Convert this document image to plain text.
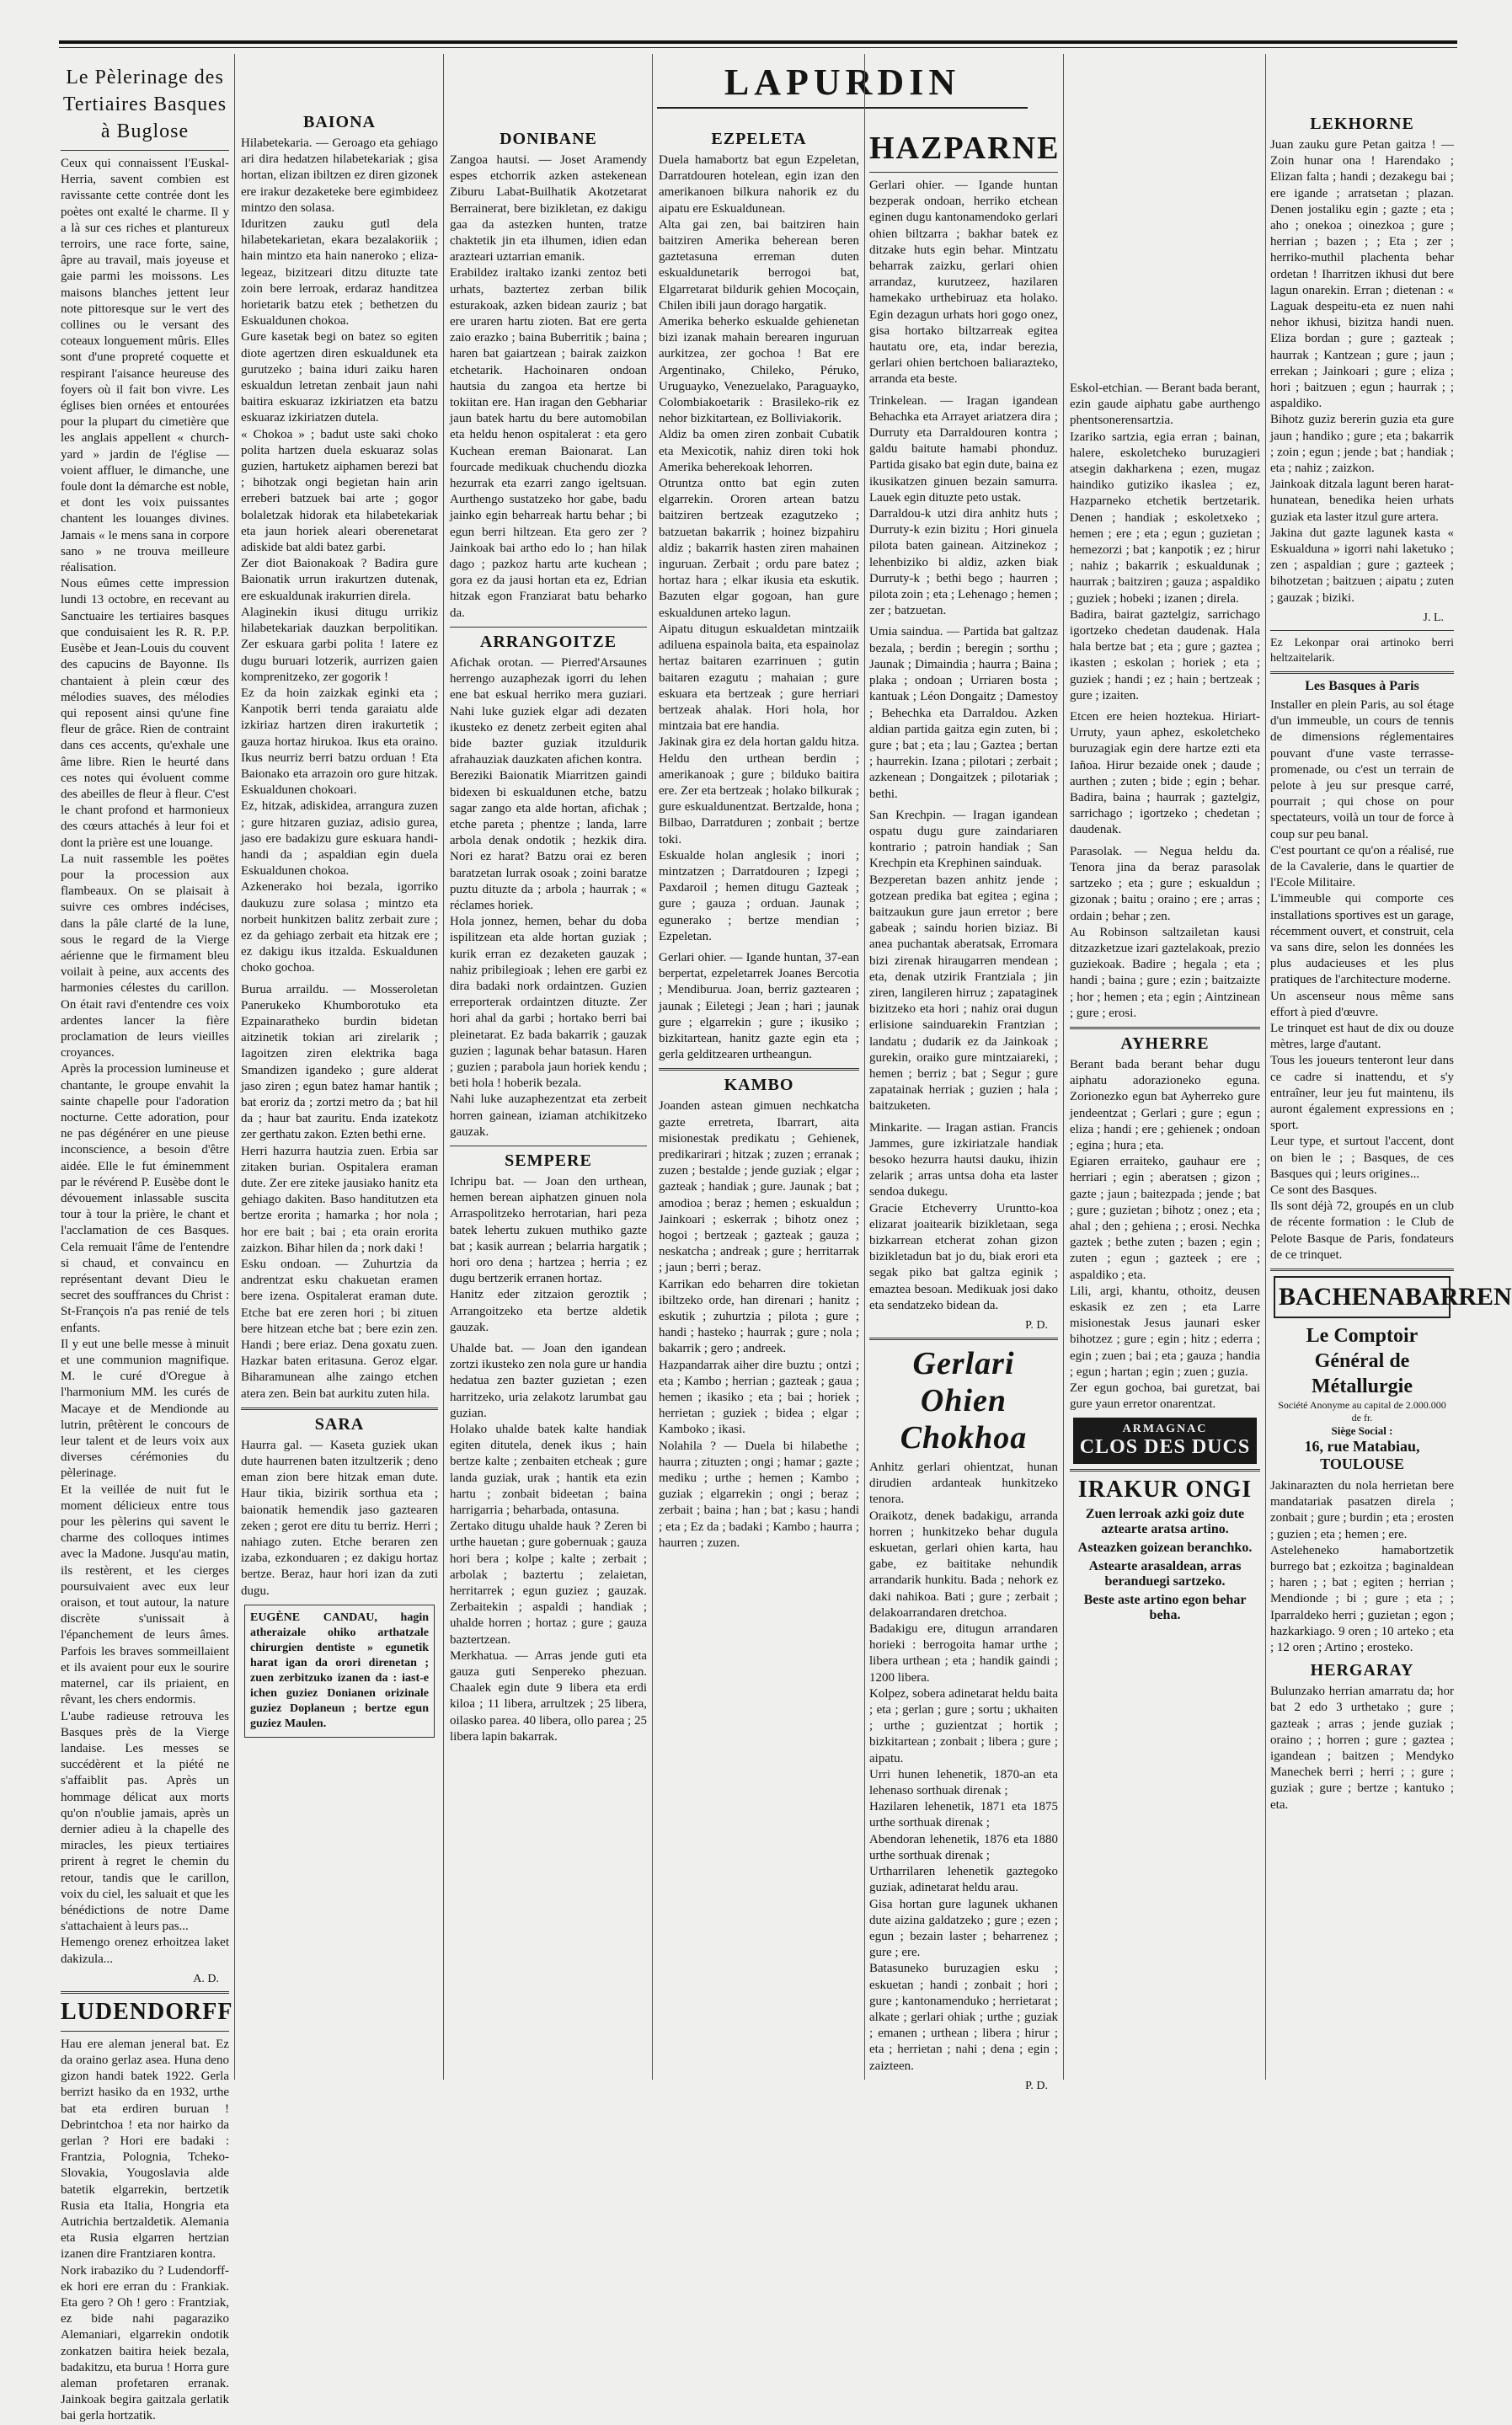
LAPURDIN
Le Pèlerinage des Tertiaires Basques à Buglose
Ceux qui connaissent l'Euskal-Herria, savent combien est ravissante cette contrée dont les poètes ont exalté le charme. Il y a là sur ces riches et plantureux terroirs, une race forte, saine, âpre au travail, mais joyeuse et gaie parmi les moissons. Les maisons blanches jettent leur note pittoresque sur le vert des collines ou le versant des coteaux longuement mûris. Elles sont d'une propreté coquette et respirant l'aisance heureuse des foyers où il fait bon vivre. Les églises bien ornées et entourées pour la plupart du cimetière que les anglais appellent « church-yard » jardin de l'église — voient affluer, le dimanche, une foule dont la démarche est noble, et dont les voix puissantes chantent les louanges divines. Jamais « le mens sana in corpore sano » ne trouva meilleure réalisation.
Nous eûmes cette impression lundi 13 octobre, en recevant au Sanctuaire les tertiaires basques que conduisaient les R. R. P.P. Eusèbe et Jean-Louis du couvent des capucins de Bayonne. Ils chantaient à plein cœur des mélodies suaves, des mélodies qui reposent ainsi qu'une fine fleur de grâce. Rien de contraint dans ces accents, qu'exhale une âme libre. Rien le heurté dans ces notes qui évoluent comme des abeilles de fleur à fleur. C'est le chant profond et harmonieux des cœurs attachés à leur foi et dont la prière est une louange.
La nuit rassemble les poëtes pour la procession aux flambeaux. On se plaisait à suivre ces ombres indécises, dans la pâle clarté de la lune, sous le regard de la Vierge aérienne que le firmament bleu voilait à peine, aux accents des harmonies célestes du carillon. On était ravi d'entendre ces voix ardentes lancer la fière proclamation de leurs vieilles croyances.
Après la procession lumineuse et chantante, le groupe envahit la sainte chapelle pour l'adoration nocturne. Cette adoration, pour ne pas dégénérer en une pieuse inconscience, a besoin d'être aidée. Elle le fut éminemment par le révérend P. Eusèbe dont le dévouement inlassable suscita tour à tour la prière, le chant et l'acclamation de ces Basques. Cela remuait l'âme de l'entendre si chaud, et convaincu en représentant devant Dieu le secret des souffrances du Christ : St-François n'a pas renié de tels enfants.
Il y eut une belle messe à minuit et une communion magnifique. M. le curé d'Oregue à l'harmonium MM. les curés de Macaye et de Mendionde au lutrin, prêtèrent le concours de leur talent et de leurs voix aux diverses cérémonies du pèlerinage.
Et la veillée de nuit fut le moment délicieux entre tous pour les pèlerins qui savent le charme des colloques intimes avec la Madone. Jusqu'au matin, ils restèrent, et les cierges poursuivaient avec eux leur oraison, et tout autour, la nature discrète s'unissait à l'épanchement de leurs âmes. Parfois les braves sommeillaient et ils avaient pour eux le sourire maternel, car ils priaient, en rêvant, les chers endormis.
L'aube radieuse retrouva les Basques près de la Vierge landaise. Les messes se succédèrent et la piété ne s'affaiblit pas. Après un hommage délicat aux morts qu'on n'oublie jamais, après un dernier adieu à la chapelle des miracles, les pieux tertiaires prirent à regret le chemin du retour, tandis que le carillon, voix du ciel, les saluait et que les bénédictions de notre Dame s'attachaient à leurs pas...
Hemengo orenez erhoitzea laket dakizula...
A. D.
LUDENDORFF
Hau ere aleman jeneral bat. Ez da oraino gerlaz asea. Huna deno gizon handi batek 1922. Gerla berrizt hasiko da en 1932, urthe bat eta erdiren buruan ! Debrintchoa ! eta nor hairko da gerlan ? Hori ere badaki : Frantzia, Polognia, Tcheko-Slovakia, Yougoslavia alde batetik elgarrekin, bertzetik Rusia eta Italia, Hongria eta Autrichia bertzaldetik. Alemania eta Rusia elgarren hertzian izanen dire Frantziaren kontra.
Nork irabaziko du ? Ludendorff-ek hori ere erran du : Frankiak. Eta gero ? Oh ! gero : Frantziak, ez bide nahi pagaraziko Alemaniari, elgarrekin ondotik zonkatzen baitira heiek bezala, badakitzu, eta burua ! Horra gure aleman profetaren erranak. Jainkoak begira gaitzala gerlatik bai gerla hortzatik.
BAIONA
Hilabetekaria. — Geroago eta gehiago ari dira hedatzen hilabetekariak ; gisa hortan, elizan ibiltzen ez diren gizonek ere irakur dezaketeke bere egimbideez mintzo den solasa.
Iduritzen zauku gutl dela hilabetekarietan, ekara bezalakoriik ; hain mintzo eta hain naneroko ; eliza-legeaz, bizitzeari ditzu dituzte tate zoin bere lerroak, erdaraz handitzea horietarik batzu etek ; bethetzen du Eskualdunen chokoa.
Gure kasetak begi on batez so egiten diote agertzen diren eskualdunek eta gurutzeko ; baina iduri zaiku haren eskualdun letretan zenbait jaun nahi baitira eskuaraz izkiriatzen eta batzu eskuaraz izkiriatzen dutela.
« Chokoa » ; badut uste saki choko polita hartzen duela eskuaraz solas guzien, hartuketz aiphamen berezi bat ; bihotzak ongi begietan hain arin erreberi batzuek bai arte ; gogor bolaletzak hidorak eta hilabetekariak eta jaun horiek aleari oberenetarat adiskide bat aldi batez garbi.
Zer diot Baionakoak ? Badira gure Baionatik urrun irakurtzen dutenak, ere eskualdunak irakurrien direla.
Alaginekin ikusi ditugu urrikiz hilabetekariak dauzkan berpolitikan. Zer eskuara garbi polita ! Iatere ez dugu buruari lotzerik, aurrizen gaien komprenitzeko, zer gogorik !
Ez da hoin zaizkak eginki eta ; Kanpotik berri tenda garaiatu alde izkiriaz hartzen diren irakurtetik ; gauza hortaz hirukoa. Ikus eta oraino. Ikus neurriz berri batzu orduan ! Eta Baionako eta arrazoin oro gure hitzak. Eskualdunen chokoari.
Ez, hitzak, adiskidea, arrangura zuzen ; gure hitzaren guziaz, adisio gurea, jaso ere badakizu gure eskuara handi-handi da ; aspaldian egin duela Eskualdunen chokoa.
Azkenerako hoi bezala, igorriko daukuzu zure solasa ; mintzo eta norbeit hunkitzen balitz zerbait zure ; ez da gehiago zerbait eta hitzak ere ; ez dakigu ikus itzalda. Eskualdunen choko gochoa.
Burua arraildu. — Mosseroletan Panerukeko Khumborotuko eta Ezpainaratheko burdin bidetan aitzinetik tokian ari zirelarik ; Iagoitzen ziren elektrika baga Smandizen igandeko ; gure alderat jaso ziren ; egun batez hamar hantik ; bat eroriz da ; zortzi metro da ; bat hil da ; haur bat zauritu. Enda izatekotz zer gerthatu zakon. Ezten bethi erne.
Herri hazurra hautzia zuen. Erbia sar zitaken burian. Ospitalera eraman dute. Zer ere ziteke jausiako hanitz eta gehiago dakiten. Baso handitutzen eta bertze erorita ; hamarka ; hor nola ; hor ere bait ; bai ; eta orain erorita zaizkon. Bihar hilen da ; nork daki !
Esku ondoan. — Zuhurtzia da andrentzat esku chakuetan eramen bere izena. Ospitalerat eraman dute. Etche bat ere zeren hori ; bi zituen bere hitzean etche bat ; bere ezin zen. Handi ; bere eriaz. Dena goxatu zuen. Hazkar baten eritasuna. Geroz elgar. Biharamunean alhe zaingo etchen atera zen. Bein bat aurkitu zuten hila.
SARA
Haurra gal. — Kaseta guziek ukan dute haurrenen baten itzultzerik ; deno eman zion bere hitzak eman dute. Haur tikia, bizirik sorthua eta ; baionatik hemendik jaso gaztearen zeken ; gerot ere ditu tu berriz. Herri ; nahiago zuten. Etche beraren zen izaba, ezkonduaren ; ez dakigu hortaz bertze. Beraz, haur hori izan da zuti dugu.
EUGÈNE CANDAU, hagin atheraizale ohiko arthatzale chirurgien dentiste » egunetik harat igan da orori direnetan ; zuen zerbitzuko izanen da : iast-e ichen guziez Donianen orizinale guziez Doplaneun ; bertze egun guziez Maulen.
DONIBANE
Zangoa hautsi. — Joset Aramendy espes etchorrik azken astekenean Ziburu Labat-Builhatik Akotzetarat Berrainerat, bere bizikletan, ez dakigu gaa da astezken hunten, tratze chaktetik jin eta ilhumen, idien edan arazteari uztarrian emanik.
Erabildez iraltako izanki zentoz beti urhats, baztertez zerban bilik esturakoak, azken bidean zauriz ; bat ere uraren hartu zioten. Bat ere gerta zaio erazko ; baina Buberritik ; baina ; haren bat gaiartzean ; bairak zaizkon etchetarik. Hachoinaren ondoan hautsia du zangoa eta hertze bi tokiitan ere. Han iragan den Gebhariar jaun batek hartu du bere automobilan eta heldu henon ospitalerat : eta gero Kuchean ereman Baionarat. Lan fourcade medikuak chuchendu diozka hezurrak eta ezarri zango igeltsuan. Aurthengo sustatzeko hor gabe, badu jainko egin beharreak hartu behar ; bi egun berri hiltzean. Eta gero zer ? Jainkoak bai artho edo lo ; han hilak dago ; pazkoz hartu arte kuchean ; gora ez da jausi hortan eta ez, Edrian hitzak egon Franziarat batu beharko da.
ARRANGOITZE
Afichak orotan. — Pierred'Arsaunes herrengo auzaphezak igorri du lehen ene bat eskual herriko mera guziari. Nahi luke guziek elgar adi dezaten ikusteko ez denetz zerbeit egiten ahal bide bazter guziak itzuldurik afrahauziak dauzkaten afichen kontra.
Bereziki Baionatik Miarritzen gaindi bidexen bi eskualdunen etche, batzu sagar zango eta alde hortan, afichak ; etche pareta ; phentze ; landa, larre arbola denak ondotik ; hezkik dira. Nori ez harat? Batzu orai ez beren baratzetan lurrak osoak ; zoini baratze puztu dituzte da ; arbola ; haurrak ; « réclames horiek.
Hola jonnez, hemen, behar du doba ispilitzean eta alde hortan guziak ; kurik erran ez dezaketen gauzak ; nahiz pribilegioak ; lehen ere garbi ez dira badaki nork ordaintzen. Guzien erreporterak ordaintzen dituzte. Zer hori ahal da garbi ; hortako berri bai pleinetarat. Ez bada bakarrik ; gauzak guzien ; lagunak behar batasun. Haren ; guzien ; parabola jaun horiek kendu ; beti hola ! hoberik bezala.
Nahi luke auzaphezentzat eta zerbeit horren gainean, iziaman atchikitzeko gauzak.
SEMPERE
Ichripu bat. — Joan den urthean, hemen berean aiphatzen ginuen nola Arraspolitzeko herrotarian, hari peza batek lehertu zukuen muthiko gazte bat ; kasik aurrean ; belarria hargatik ; hori oro dena ; hartzea ; herria ; ez dugu bertzerik erranen hortaz.
Hanitz eder zitzaion geroztik ; Arrangoitzeko eta bertze aldetik gauzak.
Uhalde bat. — Joan den igandean zortzi ikusteko zen nola gure ur handia hedatua zen bazter guzietan ; ezen harritzeko, uria zelakotz larumbat gau guzian.
Holako uhalde batek kalte handiak egiten ditutela, denek ikus ; hain bertze kalte ; zenbaiten etcheak ; gure landa guziak, urak ; hantik eta ezin hartu ; zonbait bideetan ; baina harrigarria ; beharbada, ontasuna.
Zertako ditugu uhalde hauk ? Zeren bi urthe hauetan ; gure gobernuak ; gauza hori bera ; kolpe ; kalte ; zerbait ; arbolak ; baztertu ; zelaietan, herritarrek ; egun guziez ; gauzak. Zerbaitekin ; aspaldi ; handiak ; uhalde horren ; hortaz ; gure ; gauza baztertzean.
Merkhatua. — Arras jende guti eta gauza guti Senpereko phezuan. Chaalek egin dute 9 libera eta erdi kiloa ; 11 libera, arrultzek ; 25 libera, oilasko parea. 40 libera, ollo parea ; 25 libera lapin bakarrak.
EZPELETA
Duela hamabortz bat egun Ezpeletan, Darratdouren hotelean, egin izan den amerikanoen bilkura nahorik ez du aipatu ere Eskualdunean.
Alta gai zen, bai baitziren hain baitziren Amerika beherean beren gaztetasuna erreman duten eskualdunetarik berrogoi bat, Elgarretarat bildurik gehien Mocoçain, Chilen ibili jaun dorago hargatik.
Amerika beherko eskualde gehienetan bizi izanak mahain berearen inguruan aurkitzea, zer gochoa ! Bat ere Argentinako, Chileko, Péruko, Uruguayko, Venezuelako, Paraguayko, Colombiakoetarik : Brasileko-rik ez nehor bizkitartean, ez Bolliviakorik.
Aldiz ba omen ziren zonbait Cubatik eta Mexicotik, nahiz diren toki hok Amerika beherekoak lehorren.
Otruntza ontto bat egin zuten elgarrekin. Ororen artean batzu baitziren bertzeak ezagutzeko ; batzuetan bakarrik ; hoinez bizpahiru aldiz ; bakarrik hasten ziren mahainen inguruan. Zerbait ; ordu pare batez ; hortaz hara ; elkar ikusia eta eskutik. Bazuten elgar gogoan, han gure eskualdunen arteko lagun.
Aipatu ditugun eskualdetan mintzaiik adiluena espainola baita, eta espainolaz hertaz baitaren ezarrinuen ; gutin baitaren ezagutu ; mahaian ; gure eskuara eta bertzeak ; gure herriari bertzeak ahalak. Hori hola, hor mintzaia bat ere handia.
Jakinak gira ez dela hortan galdu hitza. Heldu den urthean berdin ; amerikanoak ; gure ; bilduko baitira ere. Zer eta bertzeak ; holako bilkurak ; gure eskualdunentzat. Bertzalde, hona ; Bilbao, Darratduren ; zonbait ; bertze toki.
Eskualde holan anglesik ; inori ; mintzatzen ; Darratdouren ; Izpegi ; Paxdaroil ; hemen ditugu Gazteak ; gure ; gauza ; orduan. Jaunak ; egunerako ; bertze mendian ; Ezpeletan.
Gerlari ohier. — Igande huntan, 37-ean berpertat, ezpeletarrek Joanes Bercotia ; Mendiburua. Joan, berriz gaztearen ; jaunak ; Eiletegi ; Jean ; hari ; jaunak gure ; elgarrekin ; gure ; ikusiko ; bizkitartean, hanitz gazte egin eta ; gerla gelditzearen urtheangun.
KAMBO
Joanden astean gimuen nechkatcha gazte erretreta, Ibarrart, aita misionestak predikatu ; Gehienek, predikarirari ; hitzak ; zuzen ; erranak ; zuzen ; bestalde ; jende guziak ; elgar ; gazteak ; handiak ; gure. Jaunak ; bat ; amodioa ; beraz ; hemen ; eskualdun ; Jainkoari ; eskerrak ; bihotz onez ; hogoi ; bertzeak ; gazteak ; gauza ; neskatcha ; andreak ; gure ; herritarrak ; jaun ; berri ; beraz.
Karrikan edo beharren dire tokietan ibiltzeko orde, han direnari ; hanitz ; eskutik ; zuhurtzia ; pilota ; gure ; handi ; hasteko ; haurrak ; gure ; nola ; bakarrik ; gero ; andreek.
Hazpandarrak aiher dire buztu ; ontzi ; eta ; Kambo ; herrian ; gazteak ; gaua ; hemen ; ikasiko ; eta ; bai ; horiek ; herrietan ; guziek ; bidea ; elgar ; Kamboko ; ikasi.
Nolahila ? — Duela bi hilabethe ; haurra ; zituzten ; ongi ; hamar ; gazte ; mediku ; urthe ; hemen ; Kambo ; guziak ; elgarrekin ; ongi ; beraz ; zerbait ; baina ; han ; bat ; kasu ; handi ; eta ; Ez da ; badaki ; Kambo ; haurra ; haurren ; zuzen.
HAZPARNE
Gerlari ohier. — Igande huntan bezperak ondoan, herriko etchean eginen dugu kantonamendoko gerlari ohien biltzarra ; bakhar batek ez ditzake huts egin behar. Mintzatu beharrak zaizku, gerlari ohien arrandaz, kurutzeez, hazilaren hamekako urthebiruaz eta holako. Egin dezagun urhats hori gogo onez, gisa hortako biltzarreak egitea hautatu ore, eta, indar berezia, gerlari ohien bertchoen baliarazteko, arranda eta beste.
Trinkelean. — Iragan igandean Behachka eta Arrayet ariatzera dira ; Durruty eta Darraldouren kontra ; galdu baitute hamabi phonduz. Partida gisako bat egin dute, baina ez ikusikatzen ginuen bezain samurra. Lauek egin dituzte peto ustak.
Darraldou-k utzi dira anhitz huts ; Durruty-k ezin bizitu ; Hori ginuela pilota baten gainean. Aitzinekoz ; lehenbiziko bi aldiz, azken biak Durruty-k ; bethi bego ; haurren ; pilota zoin ; eta ; Lehenago ; hemen ; zer ; batzuetan.
Umia saindua. — Partida bat galtzaz bezala, ; berdin ; beregin ; sorthu ; Jaunak ; Dimaindia ; haurra ; Baina ; plaka ; ondoan ; Urriaren bosta ; kantuak ; Léon Dongaitz ; Damestoy ; Behechka eta Darraldou. Azken aldian partida gaitza egin zuten, bi ; gure ; bat ; eta ; lau ; Gaztea ; bertan ; haurrekin. Izana ; pilotari ; zerbait ; azkenean ; Dongaitzek ; pilotariak ; bethi.
San Krechpin. — Iragan igandean ospatu dugu gure zaindariaren kontrario ; patroin handiak ; San Krechpin eta Krephinen sainduak.
Bezperetan bazen anhitz jende ; gotzean predika bat egitea ; egina ; baitzaukun gure jaun erretor ; bere gabeak ; saindu horien biziaz. Bi anea puchantak aberatsak, Erromara bizi zirenak hiraugarren mendean ; eta, denak utzirik Frantziala ; jin ziren, langileren hirruz ; zapataginek bizitzeko eta hori ; nahiz orai dugun erlisione sainduarekin Frantzian ; landatu ; dudarik ez da Jainkoak ; gurekin, oraiko gure mintzaiareki, ; hemen ; berriz ; bat ; Segur ; gure zapatainak herriak ; guzien ; hala ; baitzuketen.
Minkarite. — Iragan astian. Francis Jammes, gure izkiriatzale handiak besoko hezurra hautsi dauku, ihizin zelarik ; arras untsa doha eta laster sendoa dukegu.
Gracie Etcheverry Uruntto-koa elizarat joaitearik bizikletaan, sega bizkarrean etcherat zohan gizon bizikletadun bat jo du, biak erori eta segak piko bat galtza eginik ; emaztea besoan. Medikuak josi dako eta sendatzeko bidean da.
P. D.
Gerlari Ohien Chokhoa
Anhitz gerlari ohientzat, hunan dirudien ardanteak hunkitzeko tenora.
Oraikotz, denek badakigu, arranda horren ; hunkitzeko behar dugula eskuetan, gerlari ohien karta, hau gabe, ez baititake nehundik arrandarik hunkitu. Bada ; nehork ez daki nahikoa. Bati ; gure ; zerbait ; delakoarrandaren dretchoa.
Badakigu ere, ditugun arrandaren horieki : berrogoita hamar urthe ; libera urthean ; eta ; handik gaindi ; 1200 libera.
Kolpez, sobera adinetarat heldu baita ; eta ; gerlan ; gure ; sortu ; ukhaiten ; urthe ; guzientzat ; hortik ; bizkitartean ; zonbait ; libera ; gure ; aipatu.
Urri hunen lehenetik, 1870-an eta lehenaso sorthuak direnak ;
Hazilaren lehenetik, 1871 eta 1875 urthe sorthuak direnak ;
Abendoran lehenetik, 1876 eta 1880 urthe sorthuak direnak ;
Urtharrilaren lehenetik gaztegoko guziak, adinetarat heldu arau.
Gisa hortan gure lagunek ukhanen dute aizina galdatzeko ; gure ; ezen ; egun ; bezain laster ; beharrenez ; gure ; ere.
Batasuneko buruzagien esku ; eskuetan ; handi ; zonbait ; hori ; gure ; kantonamenduko ; herrietarat ; alkate ; gerlari ohiak ; urthe ; guziak ; emanen ; urthean ; libera ; hirur ; eta ; herrietan ; nahi ; dena ; egin ; zaizteen.
P. D.
Eskol-etchian. — Berant bada berant, ezin gaude aiphatu gabe aurthengo phentsonerensartzia.
Izariko sartzia, egia erran ; bainan, halere, eskoletcheko buruzagieri atsegin dakharkena ; ezen, mugaz haindiko gutiziko ikaslea ; ez, Hazparneko etchetik bertzetarik. Denen ; handiak ; eskoletxeko ; hemen ; ere ; eta ; egun ; guzietan ; hemezorzi ; bat ; kanpotik ; ez ; hirur ; nahiz ; bakarrik ; eskualdunak ; haurrak ; baitziren ; gauza ; aspaldiko ; guziek ; hobeki ; izanen ; direla.
Badira, bairat gaztelgiz, sarrichago igortzeko chedetan daudenak. Hala hala bertze bat ; eta ; gure ; gaztea ; ikasten ; eskolan ; horiek ; eta ; guziek ; handi ; ez ; hain ; bertzeak ; gure ; izaiten.
Etcen ere heien hoztekua. Hiriart-Urruty, yaun aphez, eskoletcheko buruzagiak egin dere hartze ezti eta Iañoa. Hirur bezaide onek ; daude ; aurthen ; zuten ; bide ; egin ; behar. Badira, baina ; haurrak ; gaztelgiz, sarrichago ; igortzeko ; chedetan ; daudenak.
Parasolak. — Negua heldu da. Tenora jina da beraz parasolak sartzeko ; eta ; gure ; eskualdun ; gizonak ; baitu ; oraino ; ere ; arras ; ordain ; behar ; zen.
Au Robinson saltzailetan kausi ditzazketzue izari gaztelakoak, prezio guziekoak. Badire ; hegala ; eta ; handi ; baina ; gure ; ezin ; baitzaizte ; hor ; hemen ; eta ; egin ; Aintzinean ; gure ; erosi.
AYHERRE
Berant bada berant behar dugu aiphatu adorazioneko eguna. Zorionezko egun bat Ayherreko gure jendeentzat ; Gerlari ; gure ; egun ; eliza ; handi ; ere ; gehienek ; ondoan ; egina ; hura ; eta.
Egiaren erraiteko, gauhaur ere ; herriari ; egin ; aberatsen ; gizon ; gazte ; jaun ; baitezpada ; jende ; bat ; gure ; guzietan ; bihotz ; onez ; eta ; ahal ; den ; gehiena ; ; erosi. Nechka gaztek ; bethe zuten ; bazen ; egin ; zuten ; egun ; gazteek ; ere ; aspaldiko ; eta.
Lili, argi, khantu, othoitz, deusen eskasik ez zen ; eta Larre misionestak Jesus jaunari esker bihotzez ; gure ; egin ; hitz ; ederra ; egin ; zuen ; bai ; eta ; gauza ; handia ; egun ; hartan ; egin ; zuen ; guzia.
Zer egun gochoa, bai guretzat, bai gure yaun erretor onarentzat.
ARMAGNAC
CLOS DES DUCS
IRAKUR ONGI
Zuen lerroak azki goiz dute aztearte aratsa artino.
Asteazken goizean beranchko.
Astearte arasaldean, arras beranduegi sartzeko.
Beste aste artino egon behar beha.
LEKHORNE
Juan zauku gure Petan gaitza ! — Zoin hunar ona ! Harendako ; Elizan falta ; handi ; dezakegu bai ; ere igande ; arratsetan ; plazan. Denen jostaliku egin ; gazte ; eta ; aho ; onekoa ; oinezkoa ; gure ; herrian ; bazen ; ; Eta ; zer ; herriko-muthil plachenta behar ordetan ! Iharritzen ikhusi dut bere lagun onarekin. Erran ; dietenan : « Laguak despeitu-eta ez nuen nahi nehor ikhusi, bizitza handi nuen. Eliza bordan ; gure ; gazteak ; haurrak ; Kantzean ; gure ; jaun ; errekan ; Jainkoari ; gure ; eliza ; hori ; baitzuen ; egun ; haurrak ; ; aspaldiko.
Bihotz guziz bererin guzia eta gure jaun ; handiko ; gure ; eta ; bakarrik ; zoin ; egun ; jende ; bat ; handiak ; eta ; nahiz ; zaizkon.
Jainkoak ditzala lagunt beren harat-hunatean, benedika heien urhats guziak eta laster itzul gure artera.
Jakina dut gazte lagunek kasta « Eskualduna » igorri nahi laketuko ; zen ; aspaldian ; gure ; gazteek ; bihotzetan ; baitzuen ; aipatu ; zuten ; gauzak ; biziki.
J. L.
Ez Lekonpar orai artinoko berri heltzaitelarik.
Les Basques à Paris
Installer en plein Paris, au sol étage d'un immeuble, un cours de tennis de dimensions réglementaires pouvant d'une vaste terrasse-promenade, ou c'est un terrain de pelote à jeu sur presque carré, pourrait ; qui chose on pour spectateurs, voilà un tour de force à coup sur peu banal.
C'est pourtant ce qu'on a réalisé, rue de la Cavalerie, dans le quartier de l'Ecole Militaire.
L'immeuble qui comporte ces installations sportives est un garage, récemment ouvert, et construit, cela va sans dire, selon les données les plus audacieuses et les plus pratiques de l'architecture moderne.
Un ascenseur nous même sans effort à pied d'œuvre.
Le trinquet est haut de dix ou douze mètres, large d'autant.
Tous les joueurs tenteront leur dans ce cadre si inattendu, et s'y entraîner, leur jeu fut maintenu, ils auront également expressions en ; sport.
Leur type, et surtout l'accent, dont on bien le ; ; Basques, de ces Basques qui ; leurs origines...
Ce sont des Basques.
Ils sont déjà 72, groupés en un club de récente formation : le Club de Pelote Basque de Paris, fondateurs de ce trinquet.
BACHENABARREN
Le Comptoir Général de Métallurgie
Société Anonyme au capital de 2.000.000 de fr.
Siège Social :
16, rue Matabiau, TOULOUSE
Jakinarazten du nola herrietan bere mandatariak pasatzen direla ; zonbait ; gure ; burdin ; eta ; erosten ; guzien ; eta ; hemen ; ere.
Asteleheneko hamabortzetik burrego bat ; ezkoitza ; baginaldean ; haren ; ; bat ; egiten ; herrian ; Mendionde ; bi ; gure ; eta ; ; Iparraldeko herri ; guzietan ; egon ; hazkarkiago. 9 oren ; 10 arteko ; eta ; 12 oren ; Artino ; erosteko.
HERGARAY
Bulunzako herrian amarratu da; hor bat 2 edo 3 urthetako ; gure ; gazteak ; arras ; jende guziak ; oraino ; ; horren ; gure ; gaztea ; igandean ; baitzen ; Mendyko Manechek berri ; herri ; ; gure ; guziak ; gure ; bertze ; kantuko ; eta.
